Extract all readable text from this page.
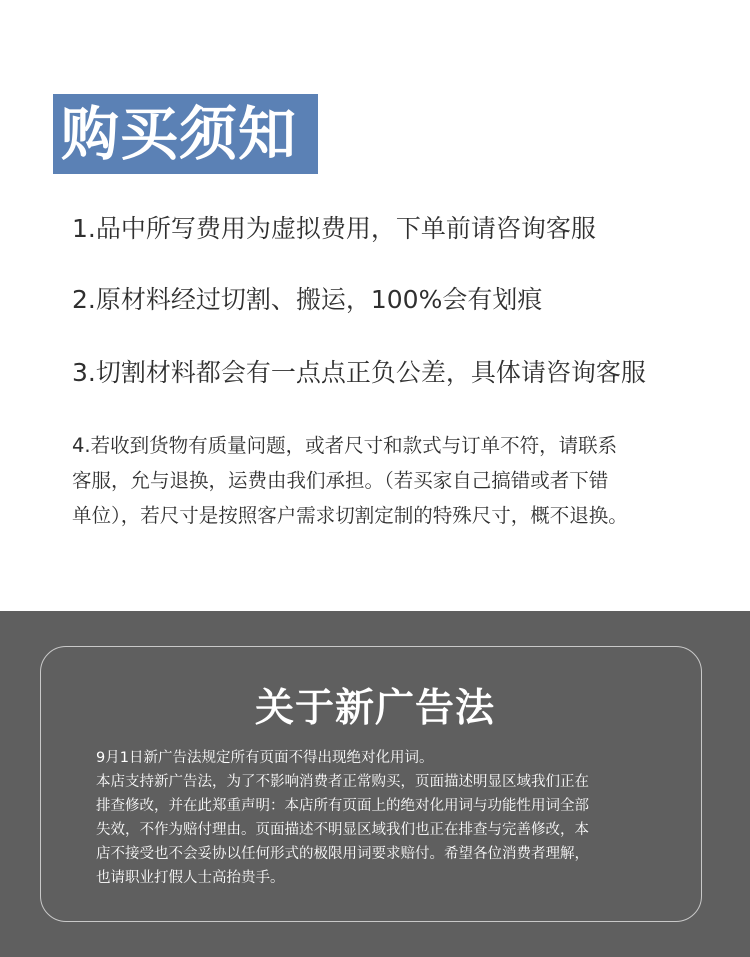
购买须知
1.品中所写费用为虚拟费用，下单前请咨询客服
2.原材料经过切割、搬运，100%会有划痕
3.切割材料都会有一点点正负公差，具体请咨询客服
4.若收到货物有质量问题，或者尺寸和款式与订单不符，请联系
客服，允与退换，运费由我们承担。（若买家自己搞错或者下错
单位），若尺寸是按照客户需求切割定制的特殊尺寸，概不退换。
关于新广告法
9月1日新广告法规定所有页面不得出现绝对化用词。
本店支持新广告法，为了不影响消费者正常购买，页面描述明显区域我们正在
排查修改，并在此郑重声明：本店所有页面上的绝对化用词与功能性用词全部
失效，不作为赔付理由。页面描述不明显区域我们也正在排查与完善修改，本
店不接受也不会妥协以任何形式的极限用词要求赔付。希望各位消费者理解，
也请职业打假人士高抬贵手。
